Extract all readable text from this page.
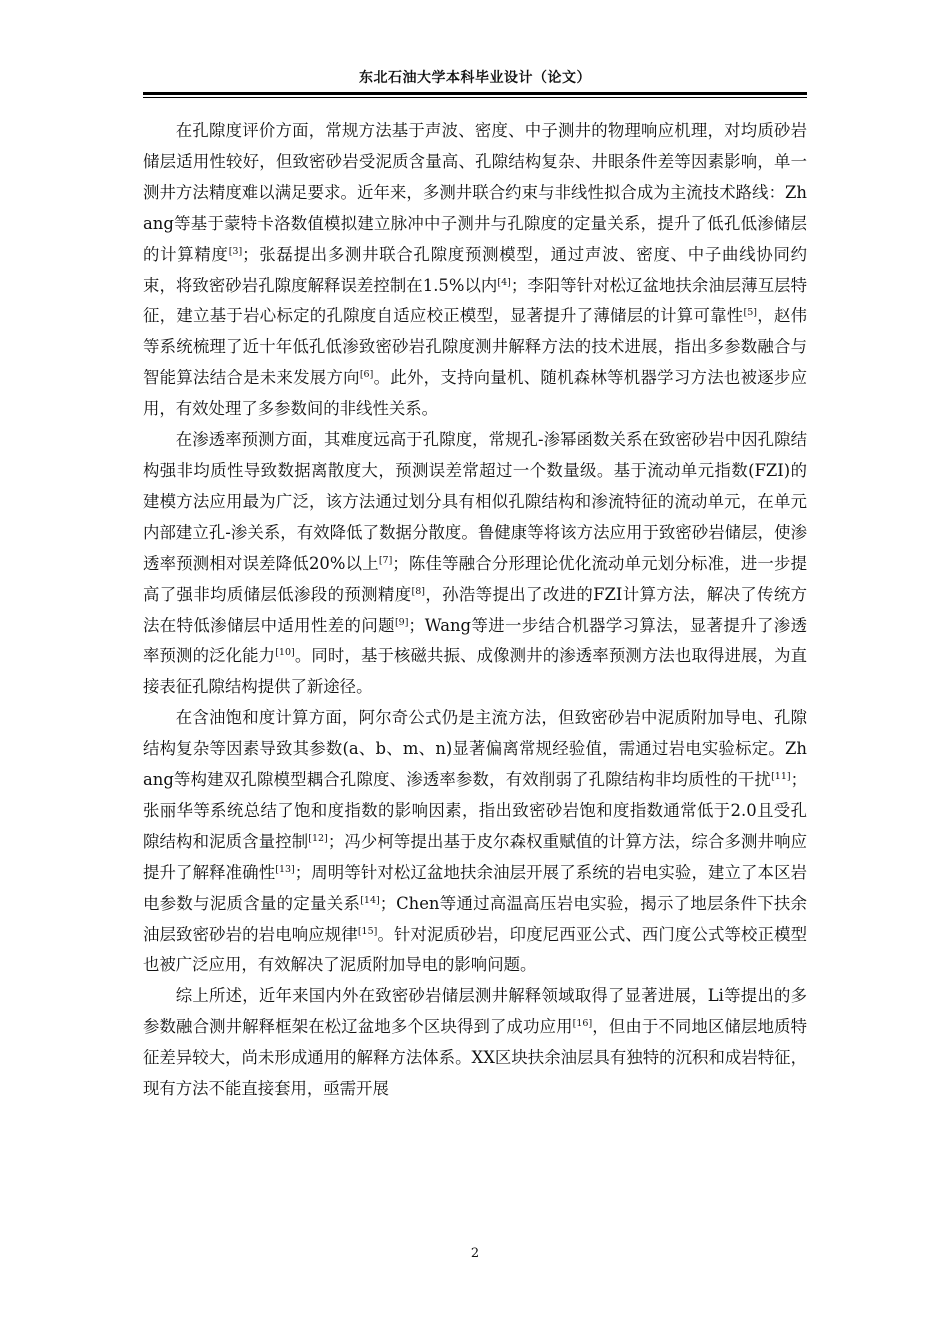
东北石油大学本科毕业设计（论文）

在孔隙度评价方面，常规方法基于声波、密度、中子测井的物理响应机理，对均质砂岩储层适用性较好，但致密砂岩受泥质含量高、孔隙结构复杂、井眼条件差等因素影响，单一测井方法精度难以满足要求。近年来，多测井联合约束与非线性拟合成为主流技术路线：Zhang等基于蒙特卡洛数值模拟建立脉冲中子测井与孔隙度的定量关系，提升了低孔低渗储层的计算精度[3]；张磊提出多测井联合孔隙度预测模型，通过声波、密度、中子曲线协同约束，将致密砂岩孔隙度解释误差控制在1.5%以内[4]；李阳等针对松辽盆地扶余油层薄互层特征，建立基于岩心标定的孔隙度自适应校正模型，显著提升了薄储层的计算可靠性[5]，赵伟等系统梳理了近十年低孔低渗致密砂岩孔隙度测井解释方法的技术进展，指出多参数融合与智能算法结合是未来发展方向[6]。此外，支持向量机、随机森林等机器学习方法也被逐步应用，有效处理了多参数间的非线性关系。

在渗透率预测方面，其难度远高于孔隙度，常规孔-渗幂函数关系在致密砂岩中因孔隙结构强非均质性导致数据离散度大，预测误差常超过一个数量级。基于流动单元指数(FZI)的建模方法应用最为广泛，该方法通过划分具有相似孔隙结构和渗流特征的流动单元，在单元内部建立孔-渗关系，有效降低了数据分散度。鲁健康等将该方法应用于致密砂岩储层，使渗透率预测相对误差降低20%以上[7]；陈佳等融合分形理论优化流动单元划分标准，进一步提高了强非均质储层低渗段的预测精度[8]，孙浩等提出了改进的FZI计算方法，解决了传统方法在特低渗储层中适用性差的问题[9]；Wang等进一步结合机器学习算法，显著提升了渗透率预测的泛化能力[10]。同时，基于核磁共振、成像测井的渗透率预测方法也取得进展，为直接表征孔隙结构提供了新途径。

在含油饱和度计算方面，阿尔奇公式仍是主流方法，但致密砂岩中泥质附加导电、孔隙结构复杂等因素导致其参数(a、b、m、n)显著偏离常规经验值，需通过岩电实验标定。Zhang等构建双孔隙模型耦合孔隙度、渗透率参数，有效削弱了孔隙结构非均质性的干扰[11]；张丽华等系统总结了饱和度指数的影响因素，指出致密砂岩饱和度指数通常低于2.0且受孔隙结构和泥质含量控制[12]；冯少柯等提出基于皮尔森权重赋值的计算方法，综合多测井响应提升了解释准确性[13]；周明等针对松辽盆地扶余油层开展了系统的岩电实验，建立了本区岩电参数与泥质含量的定量关系[14]；Chen等通过高温高压岩电实验，揭示了地层条件下扶余油层致密砂岩的岩电响应规律[15]。针对泥质砂岩，印度尼西亚公式、西门度公式等校正模型也被广泛应用，有效解决了泥质附加导电的影响问题。

综上所述，近年来国内外在致密砂岩储层测井解释领域取得了显著进展，Li等提出的多参数融合测井解释框架在松辽盆地多个区块得到了成功应用[16]，但由于不同地区储层地质特征差异较大，尚未形成通用的解释方法体系。XX区块扶余油层具有独特的沉积和成岩特征，现有方法不能直接套用，亟需开展

2
